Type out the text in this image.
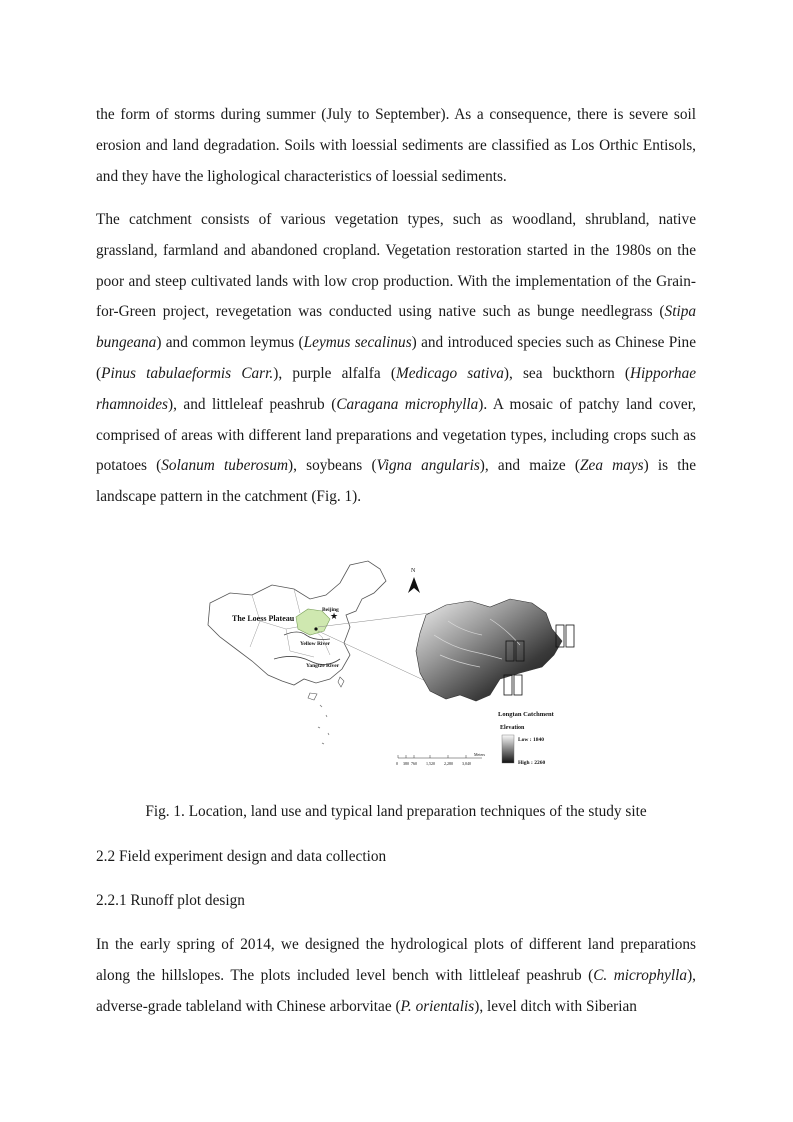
the form of storms during summer (July to September). As a consequence, there is severe soil erosion and land degradation. Soils with loessial sediments are classified as Los Orthic Entisols, and they have the lighological characteristics of loessial sediments.

The catchment consists of various vegetation types, such as woodland, shrubland, native grassland, farmland and abandoned cropland. Vegetation restoration started in the 1980s on the poor and steep cultivated lands with low crop production. With the implementation of the Grain-for-Green project, revegetation was conducted using native such as bunge needlegrass (Stipa bungeana) and common leymus (Leymus secalinus) and introduced species such as Chinese Pine (Pinus tabulaeformis Carr.), purple alfalfa (Medicago sativa), sea buckthorn (Hipporhae rhamnoides), and littleleaf peashrub (Caragana microphylla). A mosaic of patchy land cover, comprised of areas with different land preparations and vegetation types, including crops such as potatoes (Solanum tuberosum), soybeans (Vigna angularis), and maize (Zea mays) is the landscape pattern in the catchment (Fig. 1).

★
The Loess Plateau
Beijing
Yellow River
Yangtze River
N
Longtan Catchment
Elevation
Low : 1840
High : 2260
0 380 760 1,520 2,280 3,040
Meters

Fig. 1. Location, land use and typical land preparation techniques of the study site

2.2 Field experiment design and data collection

2.2.1 Runoff plot design

In the early spring of 2014, we designed the hydrological plots of different land preparations along the hillslopes. The plots included level bench with littleleaf peashrub (C. microphylla), adverse-grade tableland with Chinese arborvitae (P. orientalis), level ditch with Siberian
